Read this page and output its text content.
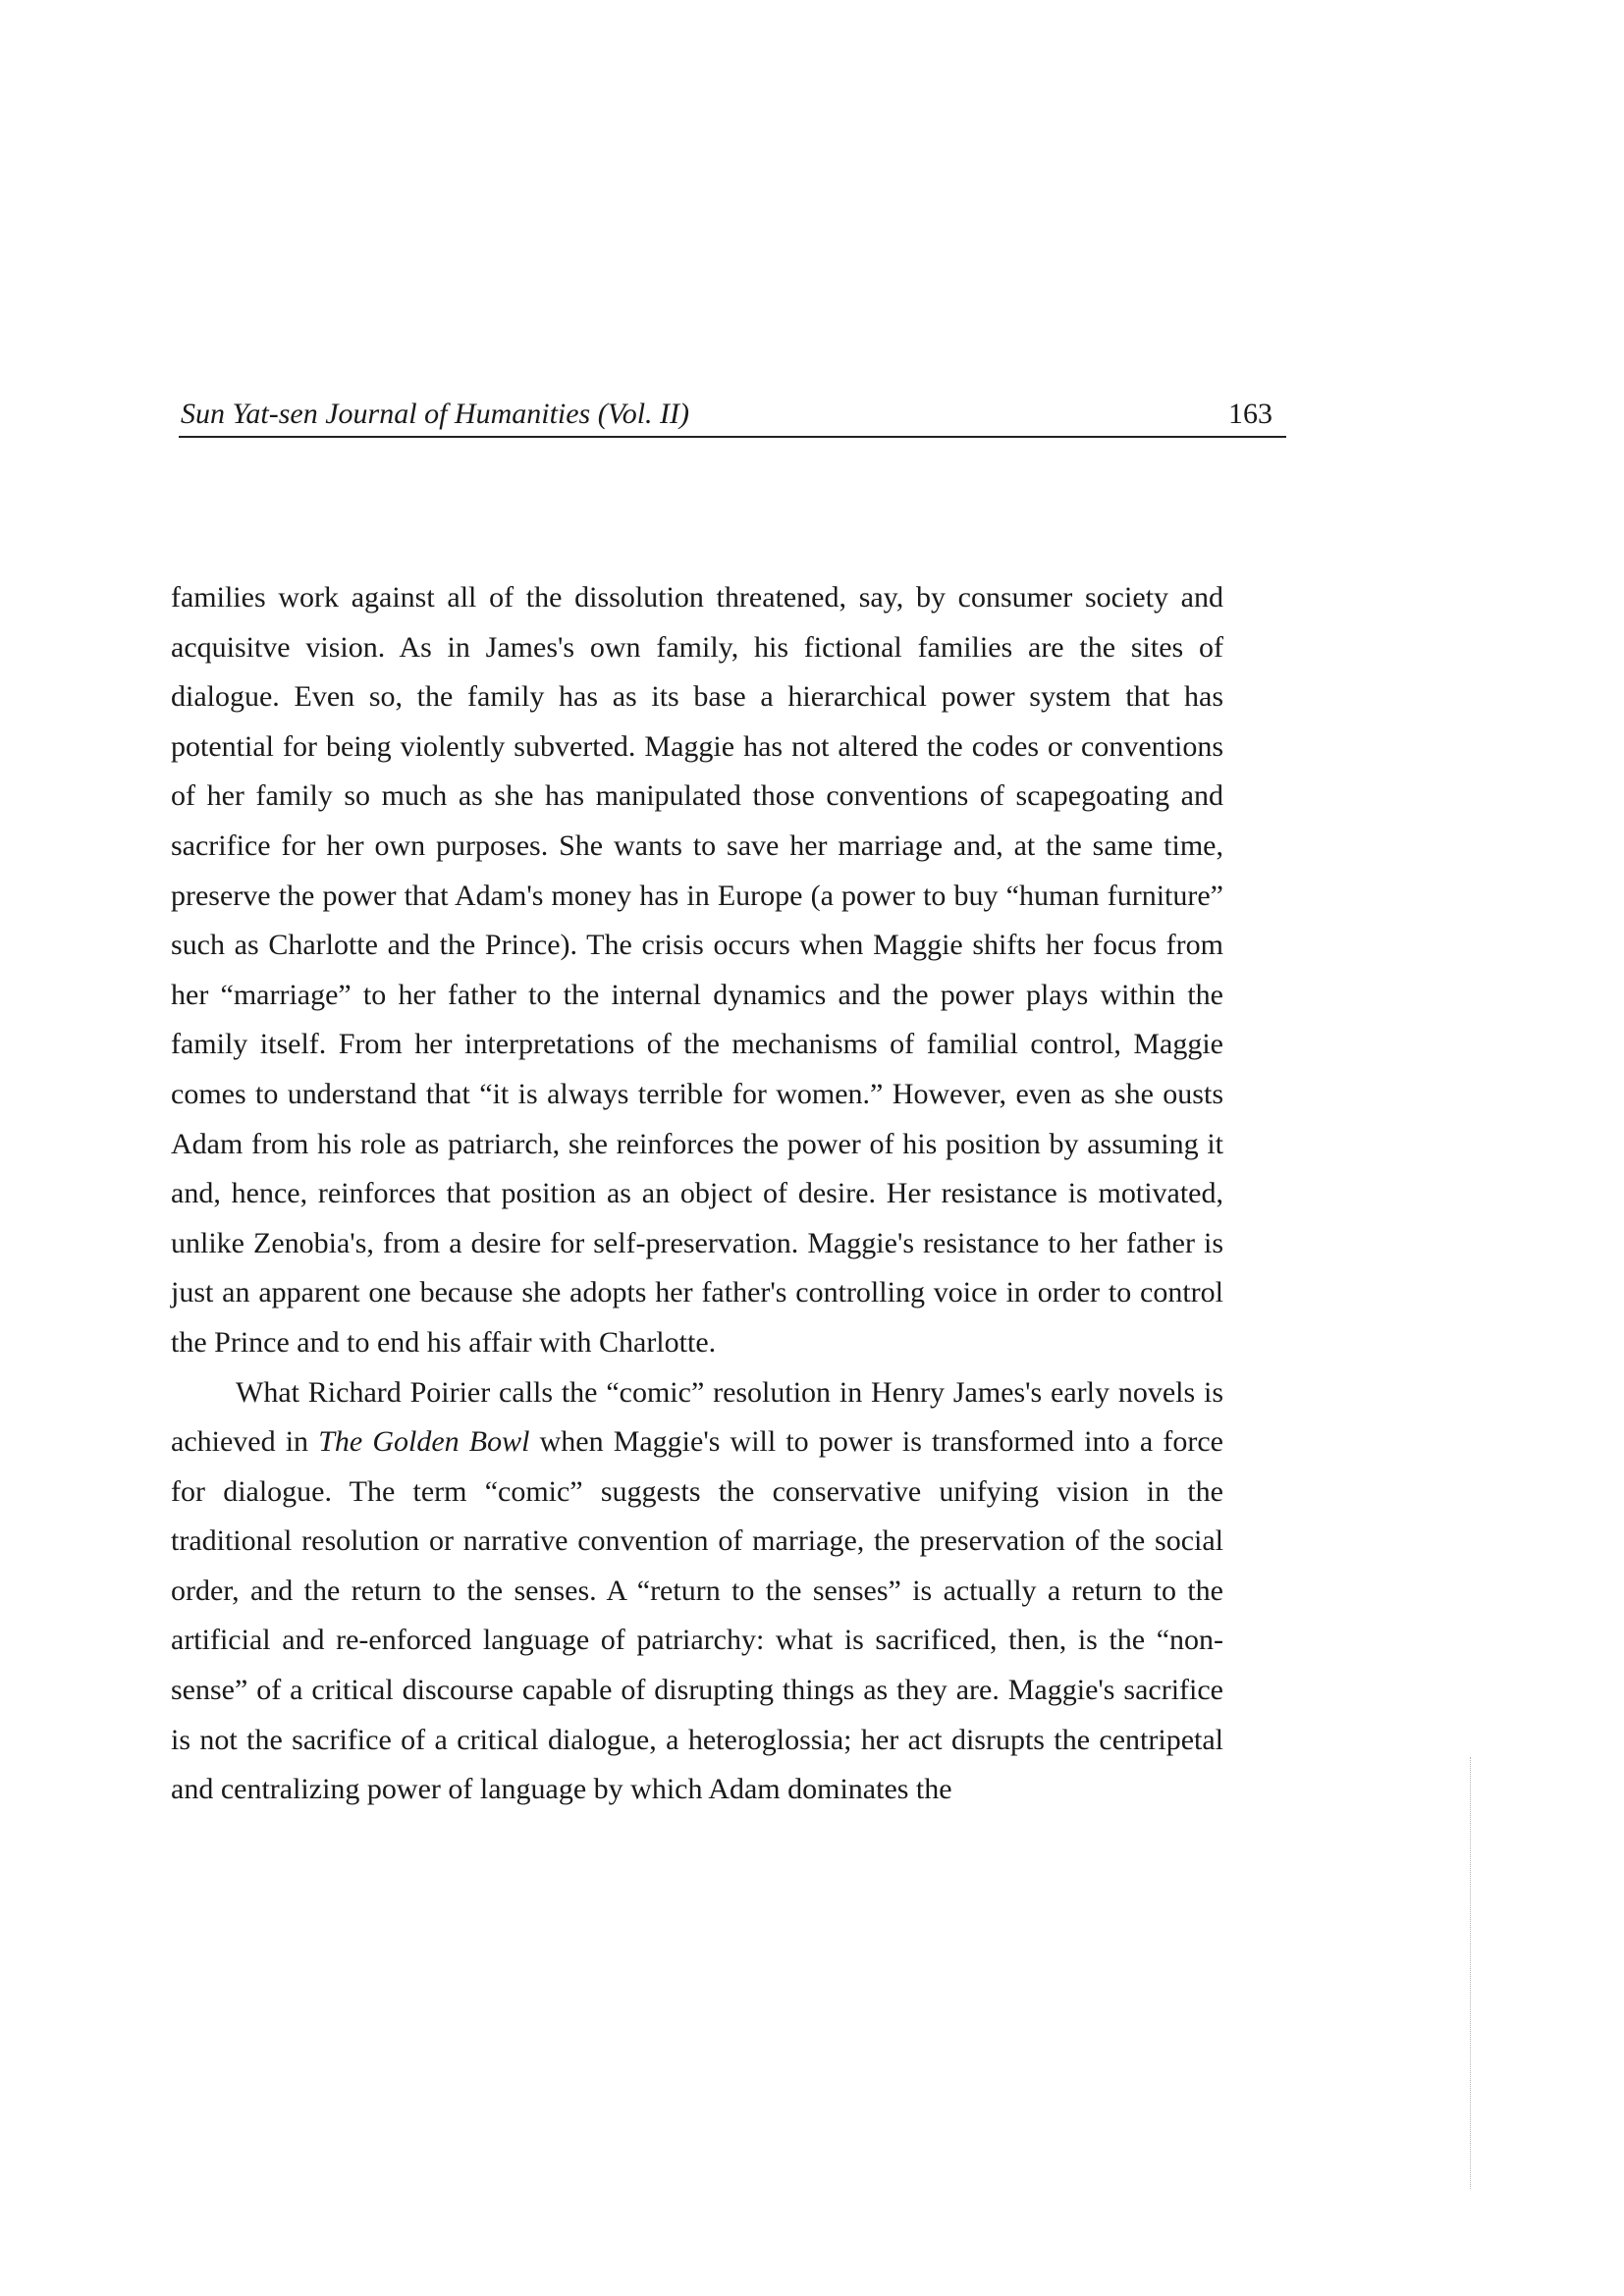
Sun Yat-sen Journal of Humanities (Vol. II)	163

families work against all of the dissolution threatened, say, by consumer society and acquisitve vision. As in James's own family, his fictional families are the sites of dialogue. Even so, the family has as its base a hierarchical power system that has potential for being violently subverted. Maggie has not altered the codes or conventions of her family so much as she has manipulated those conventions of scapegoating and sacrifice for her own purposes. She wants to save her marriage and, at the same time, preserve the power that Adam's money has in Europe (a power to buy “human furniture” such as Charlotte and the Prince). The crisis occurs when Maggie shifts her focus from her “marriage” to her father to the internal dynamics and the power plays within the family itself. From her interpretations of the mechanisms of familial control, Maggie comes to understand that “it is always terrible for women.” However, even as she ousts Adam from his role as patriarch, she reinforces the power of his position by assuming it and, hence, reinforces that position as an object of desire. Her resistance is motivated, unlike Zenobia's, from a desire for self-preservation. Maggie's resistance to her father is just an apparent one because she adopts her father's controlling voice in order to control the Prince and to end his affair with Charlotte.

What Richard Poirier calls the “comic” resolution in Henry James's early novels is achieved in The Golden Bowl when Maggie's will to power is transformed into a force for dialogue. The term “comic” suggests the conservative unifying vision in the traditional resolution or narrative convention of marriage, the preservation of the social order, and the return to the senses. A “return to the senses” is actually a return to the artificial and re-enforced language of patriarchy: what is sacrificed, then, is the “non-sense” of a critical discourse capable of disrupting things as they are. Maggie's sacrifice is not the sacrifice of a critical dialogue, a heteroglossia; her act disrupts the centripetal and centralizing power of language by which Adam dominates the
